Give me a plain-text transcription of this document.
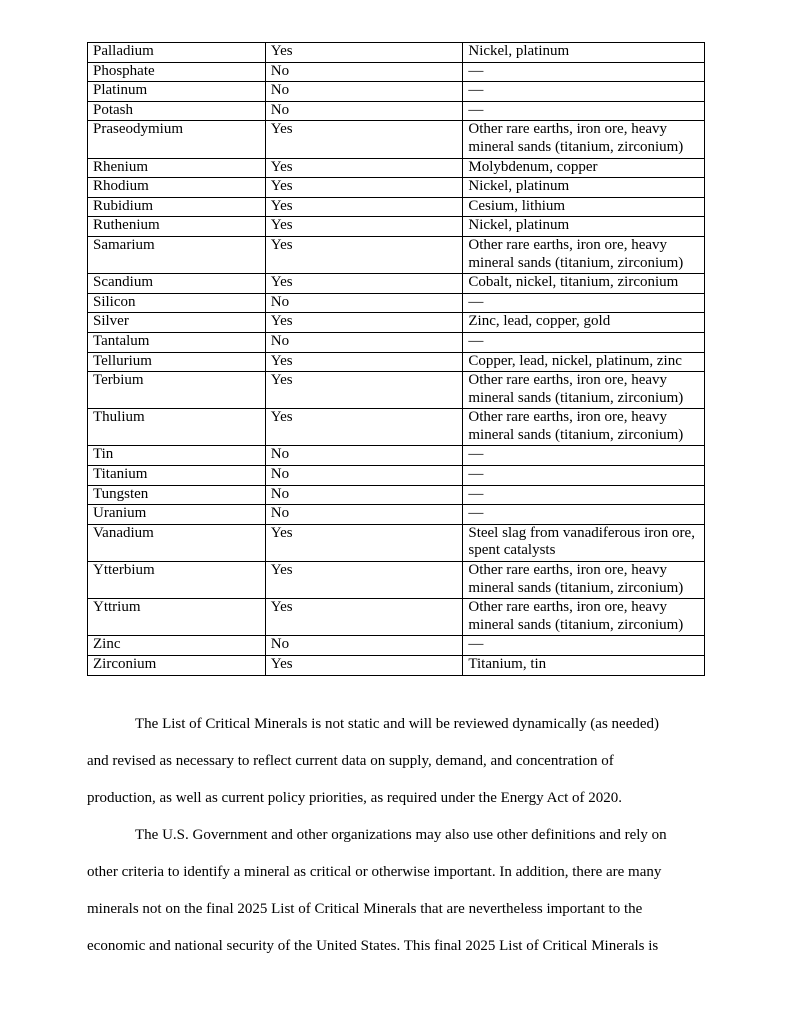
Palladium	Yes	Nickel, platinum
Phosphate	No	—
Platinum	No	—
Potash	No	—
Praseodymium	Yes	Other rare earths, iron ore, heavy mineral sands (titanium, zirconium)
Rhenium	Yes	Molybdenum, copper
Rhodium	Yes	Nickel, platinum
Rubidium	Yes	Cesium, lithium
Ruthenium	Yes	Nickel, platinum
Samarium	Yes	Other rare earths, iron ore, heavy mineral sands (titanium, zirconium)
Scandium	Yes	Cobalt, nickel, titanium, zirconium
Silicon	No	—
Silver	Yes	Zinc, lead, copper, gold
Tantalum	No	—
Tellurium	Yes	Copper, lead, nickel, platinum, zinc
Terbium	Yes	Other rare earths, iron ore, heavy mineral sands (titanium, zirconium)
Thulium	Yes	Other rare earths, iron ore, heavy mineral sands (titanium, zirconium)
Tin	No	—
Titanium	No	—
Tungsten	No	—
Uranium	No	—
Vanadium	Yes	Steel slag from vanadiferous iron ore, spent catalysts
Ytterbium	Yes	Other rare earths, iron ore, heavy mineral sands (titanium, zirconium)
Yttrium	Yes	Other rare earths, iron ore, heavy mineral sands (titanium, zirconium)
Zinc	No	—
Zirconium	Yes	Titanium, tin
The List of Critical Minerals is not static and will be reviewed dynamically (as needed)
and revised as necessary to reflect current data on supply, demand, and concentration of
production, as well as current policy priorities, as required under the Energy Act of 2020.
The U.S. Government and other organizations may also use other definitions and rely on
other criteria to identify a mineral as critical or otherwise important. In addition, there are many
minerals not on the final 2025 List of Critical Minerals that are nevertheless important to the
economic and national security of the United States. This final 2025 List of Critical Minerals is
